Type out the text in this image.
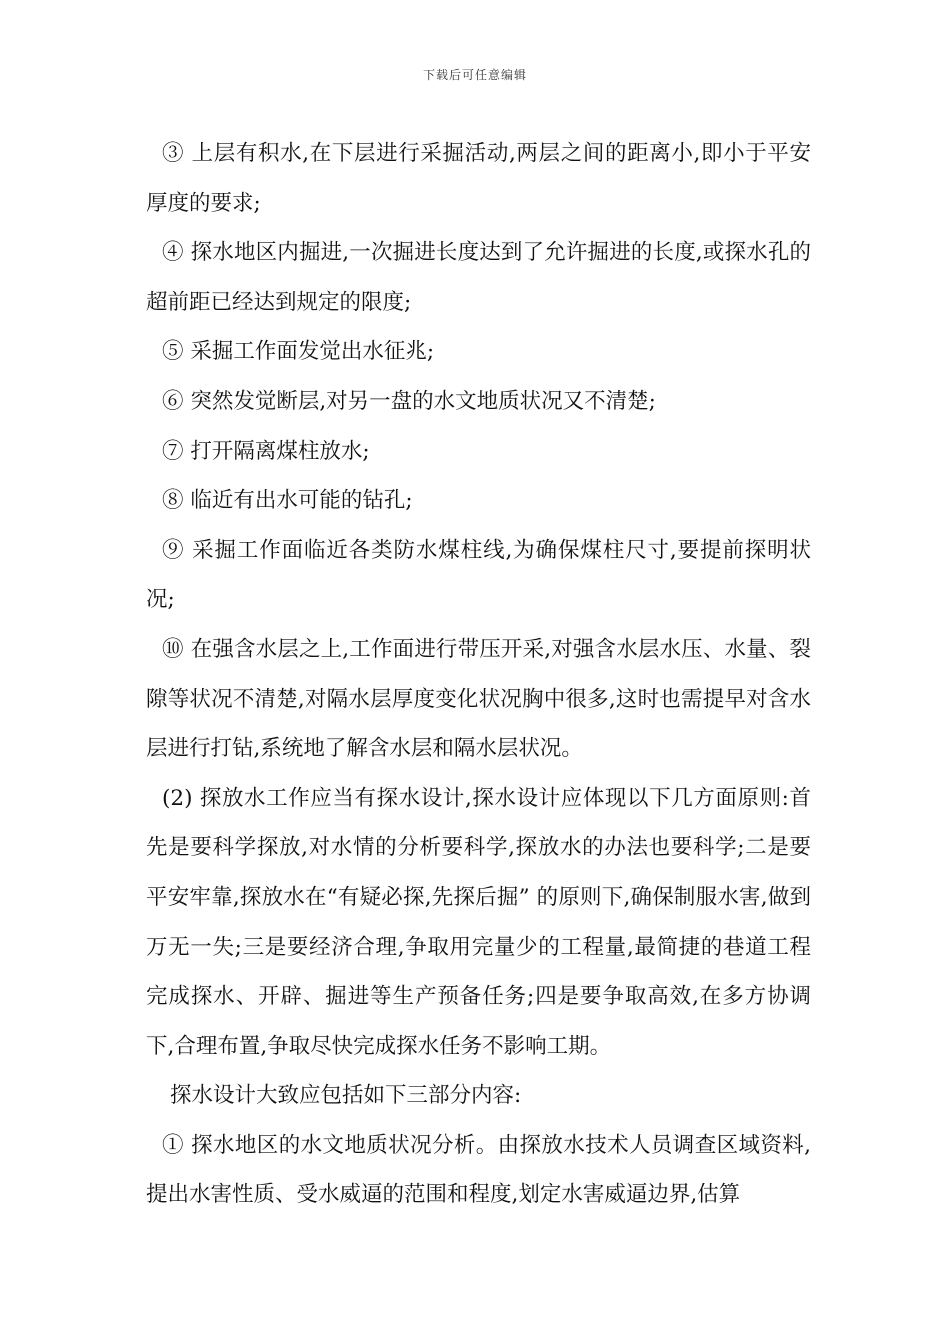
下载后可任意编辑

③ 上层有积水,在下层进行采掘活动,两层之间的距离小,即小于平安厚度的要求;

④ 探水地区内掘进,一次掘进长度达到了允许掘进的长度,或探水孔的超前距已经达到规定的限度;

⑤ 采掘工作面发觉出水征兆;

⑥ 突然发觉断层,对另一盘的水文地质状况又不清楚;

⑦ 打开隔离煤柱放水;

⑧ 临近有出水可能的钻孔;

⑨ 采掘工作面临近各类防水煤柱线,为确保煤柱尺寸,要提前探明状况;

⑩ 在强含水层之上,工作面进行带压开采,对强含水层水压、水量、裂隙等状况不清楚,对隔水层厚度变化状况胸中很多,这时也需提早对含水层进行打钻,系统地了解含水层和隔水层状况。

(2) 探放水工作应当有探水设计,探水设计应体现以下几方面原则:首先是要科学探放,对水情的分析要科学,探放水的办法也要科学;二是要平安牢靠,探放水在“有疑必探,先探后掘” 的原则下,确保制服水害,做到万无一失;三是要经济合理,争取用完量少的工程量,最简捷的巷道工程完成探水、开辟、掘进等生产预备任务;四是要争取高效,在多方协调下,合理布置,争取尽快完成探水任务不影响工期。

探水设计大致应包括如下三部分内容:

① 探水地区的水文地质状况分析。由探放水技术人员调查区域资料,提出水害性质、受水威逼的范围和程度,划定水害威逼边界,估算
